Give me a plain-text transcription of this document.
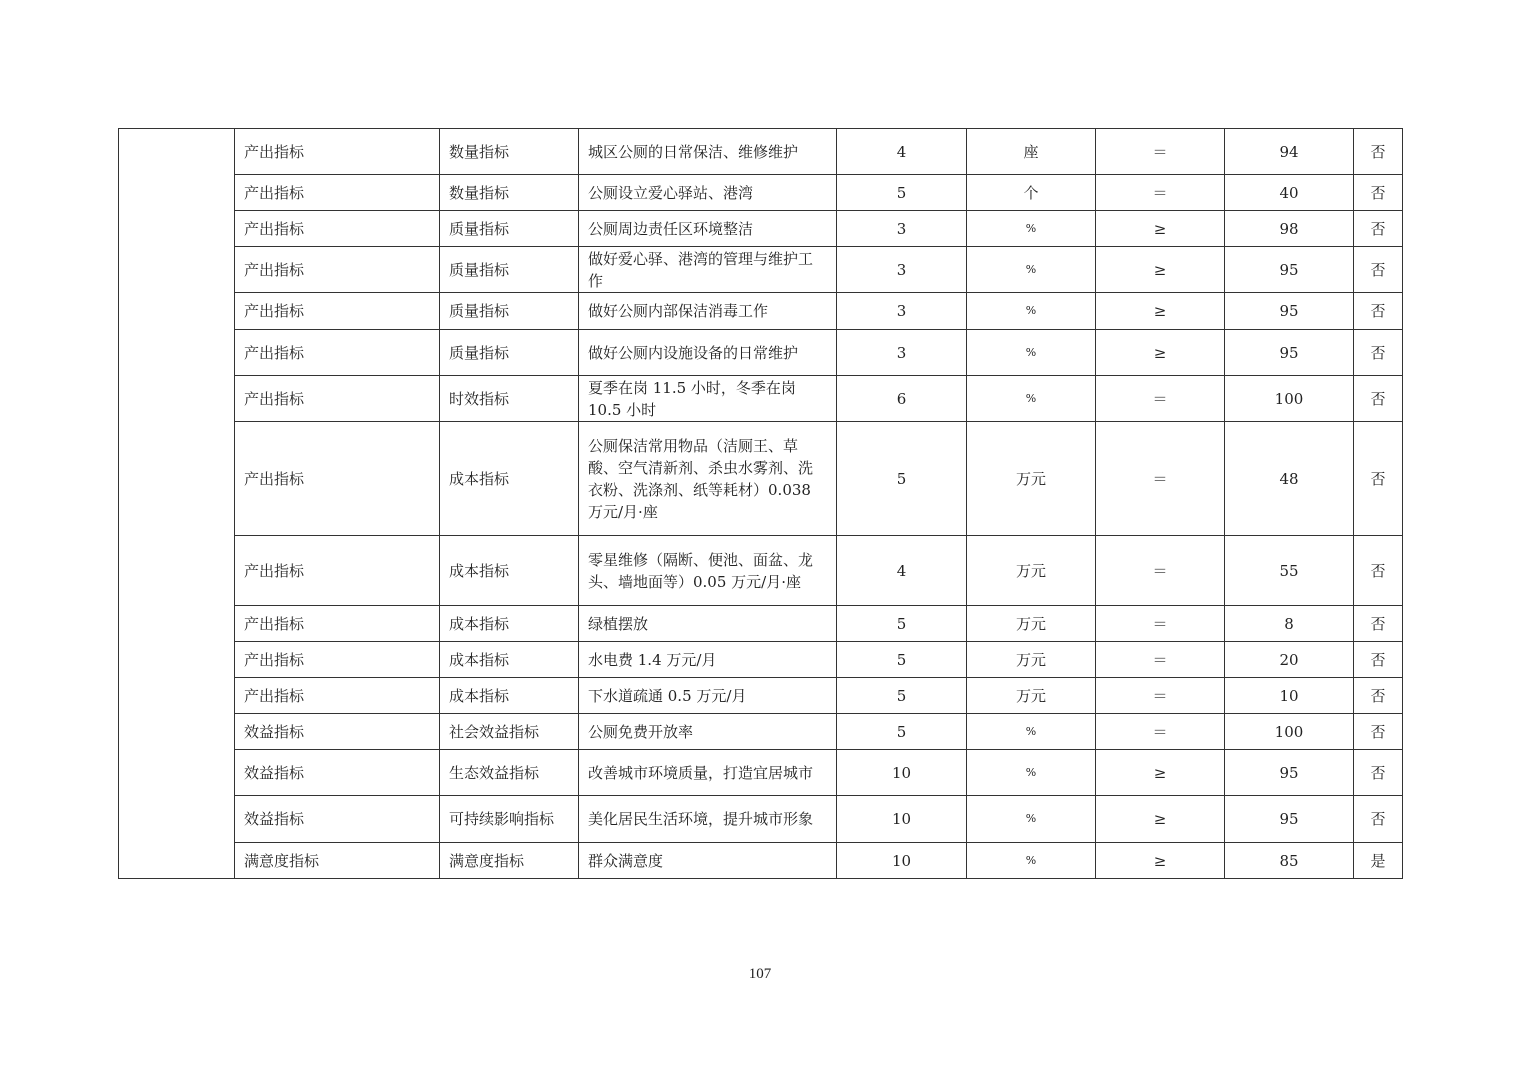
	产出指标	数量指标	城区公厕的日常保洁、维修维护	4	座	＝	94	否
	产出指标	数量指标	公厕设立爱心驿站、港湾	5	个	＝	40	否
	产出指标	质量指标	公厕周边责任区环境整洁	3	%	≥	98	否
	产出指标	质量指标	做好爱心驿、港湾的管理与维护工作	3	%	≥	95	否
	产出指标	质量指标	做好公厕内部保洁消毒工作	3	%	≥	95	否
	产出指标	质量指标	做好公厕内设施设备的日常维护	3	%	≥	95	否
	产出指标	时效指标	夏季在岗 11.5 小时，冬季在岗 10.5 小时	6	%	＝	100	否
	产出指标	成本指标	公厕保洁常用物品（洁厕王、草酸、空气清新剂、杀虫水雾剂、洗衣粉、洗涤剂、纸等耗材）0.038 万元/月·座	5	万元	＝	48	否
	产出指标	成本指标	零星维修（隔断、便池、面盆、龙头、墙地面等）0.05 万元/月·座	4	万元	＝	55	否
	产出指标	成本指标	绿植摆放	5	万元	＝	8	否
	产出指标	成本指标	水电费 1.4 万元/月	5	万元	＝	20	否
	产出指标	成本指标	下水道疏通 0.5 万元/月	5	万元	＝	10	否
	效益指标	社会效益指标	公厕免费开放率	5	%	＝	100	否
	效益指标	生态效益指标	改善城市环境质量，打造宜居城市	10	%	≥	95	否
	效益指标	可持续影响指标	美化居民生活环境，提升城市形象	10	%	≥	95	否
	满意度指标	满意度指标	群众满意度	10	%	≥	85	是
107
